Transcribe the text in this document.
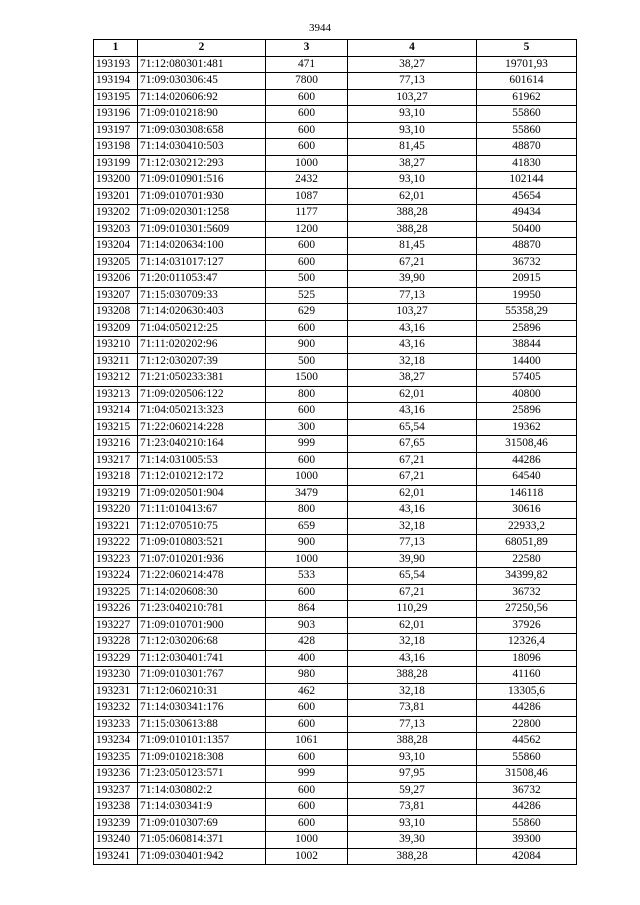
3944
1	2	3	4	5
193193	71:12:080301:481	471	38,27	19701,93
193194	71:09:030306:45	7800	77,13	601614
193195	71:14:020606:92	600	103,27	61962
193196	71:09:010218:90	600	93,10	55860
193197	71:09:030308:658	600	93,10	55860
193198	71:14:030410:503	600	81,45	48870
193199	71:12:030212:293	1000	38,27	41830
193200	71:09:010901:516	2432	93,10	102144
193201	71:09:010701:930	1087	62,01	45654
193202	71:09:020301:1258	1177	388,28	49434
193203	71:09:010301:5609	1200	388,28	50400
193204	71:14:020634:100	600	81,45	48870
193205	71:14:031017:127	600	67,21	36732
193206	71:20:011053:47	500	39,90	20915
193207	71:15:030709:33	525	77,13	19950
193208	71:14:020630:403	629	103,27	55358,29
193209	71:04:050212:25	600	43,16	25896
193210	71:11:020202:96	900	43,16	38844
193211	71:12:030207:39	500	32,18	14400
193212	71:21:050233:381	1500	38,27	57405
193213	71:09:020506:122	800	62,01	40800
193214	71:04:050213:323	600	43,16	25896
193215	71:22:060214:228	300	65,54	19362
193216	71:23:040210:164	999	67,65	31508,46
193217	71:14:031005:53	600	67,21	44286
193218	71:12:010212:172	1000	67,21	64540
193219	71:09:020501:904	3479	62,01	146118
193220	71:11:010413:67	800	43,16	30616
193221	71:12:070510:75	659	32,18	22933,2
193222	71:09:010803:521	900	77,13	68051,89
193223	71:07:010201:936	1000	39,90	22580
193224	71:22:060214:478	533	65,54	34399,82
193225	71:14:020608:30	600	67,21	36732
193226	71:23:040210:781	864	110,29	27250,56
193227	71:09:010701:900	903	62,01	37926
193228	71:12:030206:68	428	32,18	12326,4
193229	71:12:030401:741	400	43,16	18096
193230	71:09:010301:767	980	388,28	41160
193231	71:12:060210:31	462	32,18	13305,6
193232	71:14:030341:176	600	73,81	44286
193233	71:15:030613:88	600	77,13	22800
193234	71:09:010101:1357	1061	388,28	44562
193235	71:09:010218:308	600	93,10	55860
193236	71:23:050123:571	999	97,95	31508,46
193237	71:14:030802:2	600	59,27	36732
193238	71:14:030341:9	600	73,81	44286
193239	71:09:010307:69	600	93,10	55860
193240	71:05:060814:371	1000	39,30	39300
193241	71:09:030401:942	1002	388,28	42084
